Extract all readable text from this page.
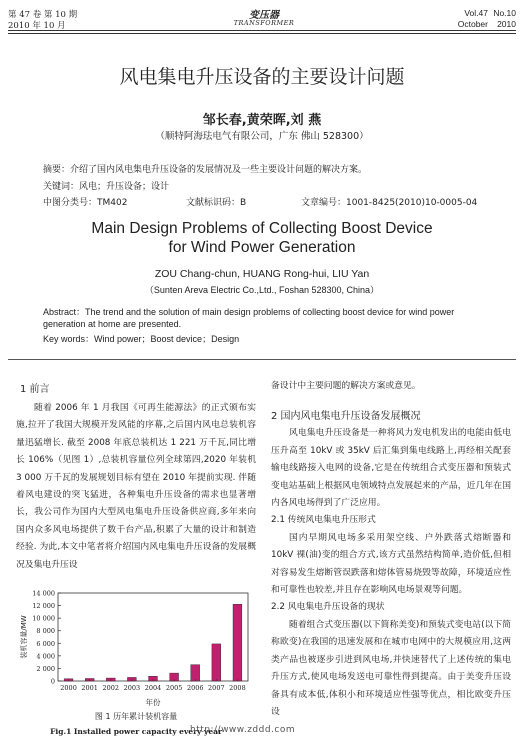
第 47 卷 第 10 期
2010 年 10 月
变压器
TRANSFORMER
Vol.47 No.10
October 2010
风电集电升压设备的主要设计问题
邹长春,黄荣晖,刘 燕
（顺特阿海珐电气有限公司，广东 佛山 528300）
摘要：介绍了国内风电集电升压设备的发展情况及一些主要设计问题的解决方案。
关键词：风电；升压设备；设计
中图分类号：TM402	文献标识码：B	文章编号：1001-8425(2010)10-0005-04
Main Design Problems of Collecting Boost Device
for Wind Power Generation
ZOU Chang-chun, HUANG Rong-hui, LIU Yan
（Sunten Areva Electric Co.,Ltd., Foshan 528300, China）
Abstract：The trend and the solution of main design problems of collecting boost device for wind power generation at home are presented.
Key words：Wind power；Boost device；Design
1 前言

随着 2006 年 1 月我国《可再生能源法》的正式颁布实施,拉开了我国大规模开发风能的序幕,之后国内风电总装机容量迅猛增长. 截至 2008 年底总装机达 1 221 万千瓦,同比增长 106%（见图 1）,总装机容量位列全球第四,2020 年装机 3 000 万千瓦的发展规划目标有望在 2010 年提前实现. 伴随着风电建设的突飞猛进，各种集电升压设备的需求也显著增长，我公司作为国内大型风电集电升压设备供应商,多年来向国内众多风电场提供了数千台产品,积累了大量的设计和制造经验. 为此,本文中笔者将介绍国内风电集电升压设备的发展概况及集电升压设

备设计中主要问题的解决方案或意见。

2 国内风电集电升压设备发展概况

风电集电升压设备是一种将风力发电机发出的电能由低电压升高至 10kV 或 35kV 后汇集到集电线路上,再经相关配套输电线路接入电网的设备,它是在传统组合式变压器和预装式变电站基础上根据风电领域特点发展起来的产品，近几年在国内各风电场得到了广泛应用。

2.1 传统风电集电升压形式

国内早期风电场多采用架空线、户外跌落式熔断器和 10kV 裸(油)变的组合方式,该方式虽然结构简单,造价低,但相对容易发生熔断管误跌落和熔体管易烧毁等故障，环境适应性和可靠性也较差,并且存在影响风电场景观等问题。

2.2 风电集电升压设备的现状

随着组合式变压器(以下简称美变)和预装式变电站(以下简称欧变)在我国的迅速发展和在城市电网中的大规模应用,这两类产品也被逐步引进到风电场,并快速替代了上述传统的集电升压方式,使风电场发送电可靠性得到提高。由于美变升压设备具有成本低,体积小和环境适应性强等优点，相比欧变升压设

0
2 000
4 000
6 000
8 000
10 000
12 000
14 000
装机容量/MW
2000 2001 2002 2003 2004 2005 2006 2007 2008
年份
图 1 历年累计装机容量
Fig.1 Installed power capacity every year
http://www.zddd.com
